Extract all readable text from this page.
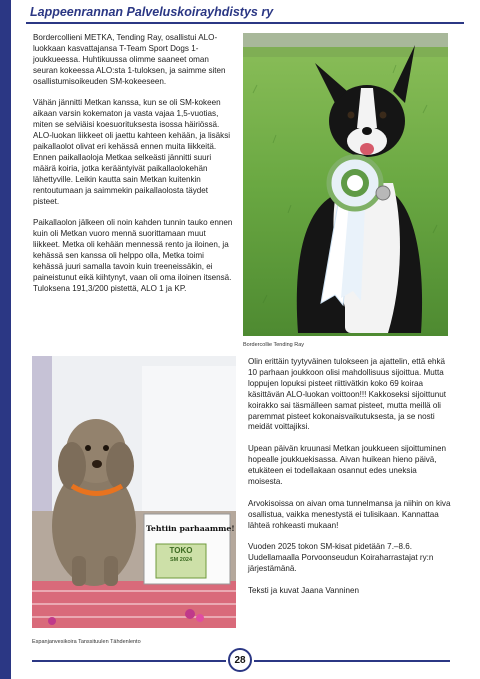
Lappeenrannan Palveluskoirayhdistys ry

Bordercollieni METKA, Tending Ray, osallistui ALO-luokkaan kasvattajansa T-Team Sport Dogs 1-joukkueessa. Huhtikuussa olimme saaneet oman seuran kokeessa ALO:sta 1-tuloksen, ja saimme siten osallistumisoikeuden SM-kokeeseen.

Vähän jännitti Metkan kanssa, kun se oli SM-kokeen aikaan varsin kokematon ja vasta vajaa 1,5-vuotias, miten se selviäisi koesuorituksesta isossa häiriössä. ALO-luokan liikkeet oli jaettu kahteen kehään, ja lisäksi paikallaolot olivat eri kehässä ennen muita liikkeitä. Ennen paikallaoloja Metkaa selkeästi jännitti suuri määrä koiria, jotka kerääntyivät paikallaolokehän lähettyville. Leikin kautta sain Metkan kuitenkin rentoutumaan ja saimmekin paikallaolosta täydet pisteet.

Paikallaolon jälkeen oli noin kahden tunnin tauko ennen kuin oli Metkan vuoro mennä suorittamaan muut liikkeet. Metka oli kehään mennessä rento ja iloinen, ja kehässä sen kanssa oli helppo olla, Metka toimi kehässä juuri samalla tavoin kuin treeneissäkin, ei paineistunut eikä kiihtynyt, vaan oli oma iloinen itsensä. Tuloksena 191,3/200 pistettä, ALO 1 ja KP.

Bordercollie Tending Ray
Tehtiin parhaamme!
TOKO
SM 2024
Espanjanvesikoira Tanssituulen Tähdenlento

Olin erittäin tyytyväinen tulokseen ja ajattelin, että ehkä 10 parhaan joukkoon olisi mahdollisuus sijoittua. Mutta loppujen lopuksi pisteet riittivätkin koko 69 koiraa käsittävän ALO-luokan voittoon!!! Kakkoseksi sijoittunut koirakko sai täsmälleen samat pisteet, mutta meillä oli paremmat pisteet kokonaisvaikutuksesta, ja se nosti meidät voittajiksi.

Upean päivän kruunasi Metkan joukkueen sijoittuminen hopealle joukkuekisassa. Aivan huikean hieno päivä, etukäteen ei todellakaan osannut edes uneksia moisesta.

Arvokisoissa on aivan oma tunnelmansa ja niihin on kiva osallistua, vaikka menestystä ei tulisikaan. Kannattaa lähteä rohkeasti mukaan!

Vuoden 2025 tokon SM-kisat pidetään 7.–8.6. Uudellamaalla Porvoonseudun Koiraharrastajat ry:n järjestämänä.

Teksti ja kuvat Jaana Vanninen

28
